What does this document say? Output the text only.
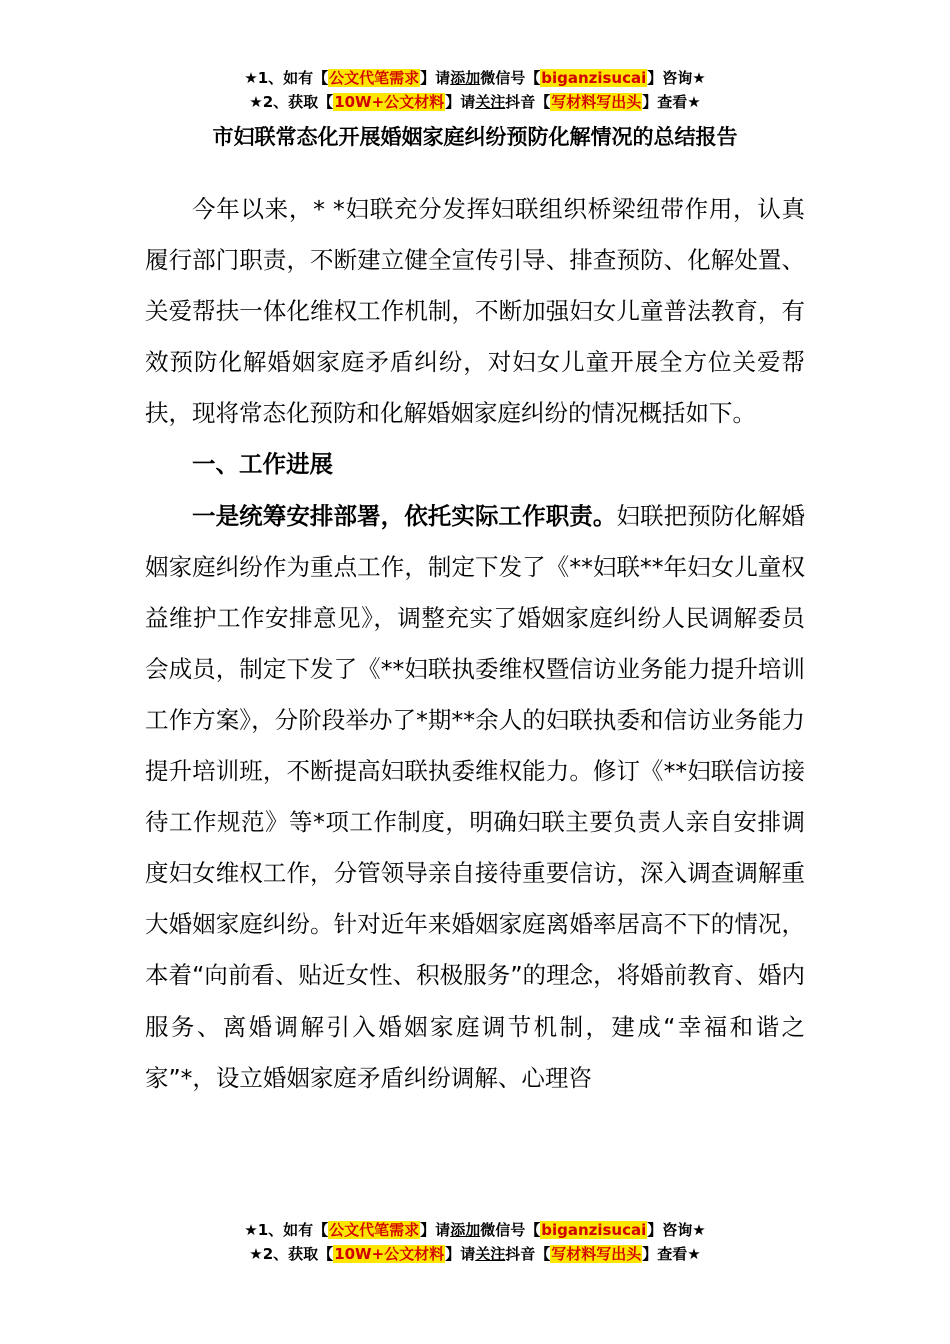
★1、如有【公文代笔需求】请添加微信号【biganzisucai】咨询★
★2、获取【10W+公文材料】请关注抖音【写材料写出头】查看★
市妇联常态化开展婚姻家庭纠纷预防化解情况的总结报告

今年以来，* *妇联充分发挥妇联组织桥梁纽带作用，认真履行部门职责，不断建立健全宣传引导、排查预防、化解处置、关爱帮扶一体化维权工作机制，不断加强妇女儿童普法教育，有效预防化解婚姻家庭矛盾纠纷，对妇女儿童开展全方位关爱帮扶，现将常态化预防和化解婚姻家庭纠纷的情况概括如下。

一、工作进展

一是统筹安排部署，依托实际工作职责。妇联把预防化解婚姻家庭纠纷作为重点工作，制定下发了《**妇联**年妇女儿童权益维护工作安排意见》，调整充实了婚姻家庭纠纷人民调解委员会成员，制定下发了《**妇联执委维权暨信访业务能力提升培训工作方案》，分阶段举办了*期**余人的妇联执委和信访业务能力提升培训班，不断提高妇联执委维权能力。修订《**妇联信访接待工作规范》等*项工作制度，明确妇联主要负责人亲自安排调度妇女维权工作，分管领导亲自接待重要信访，深入调查调解重大婚姻家庭纠纷。针对近年来婚姻家庭离婚率居高不下的情况，本着“向前看、贴近女性、积极服务”的理念，将婚前教育、婚内服务、离婚调解引入婚姻家庭调节机制，建成“幸福和谐之家”*，设立婚姻家庭矛盾纠纷调解、心理咨

★1、如有【公文代笔需求】请添加微信号【biganzisucai】咨询★
★2、获取【10W+公文材料】请关注抖音【写材料写出头】查看★
